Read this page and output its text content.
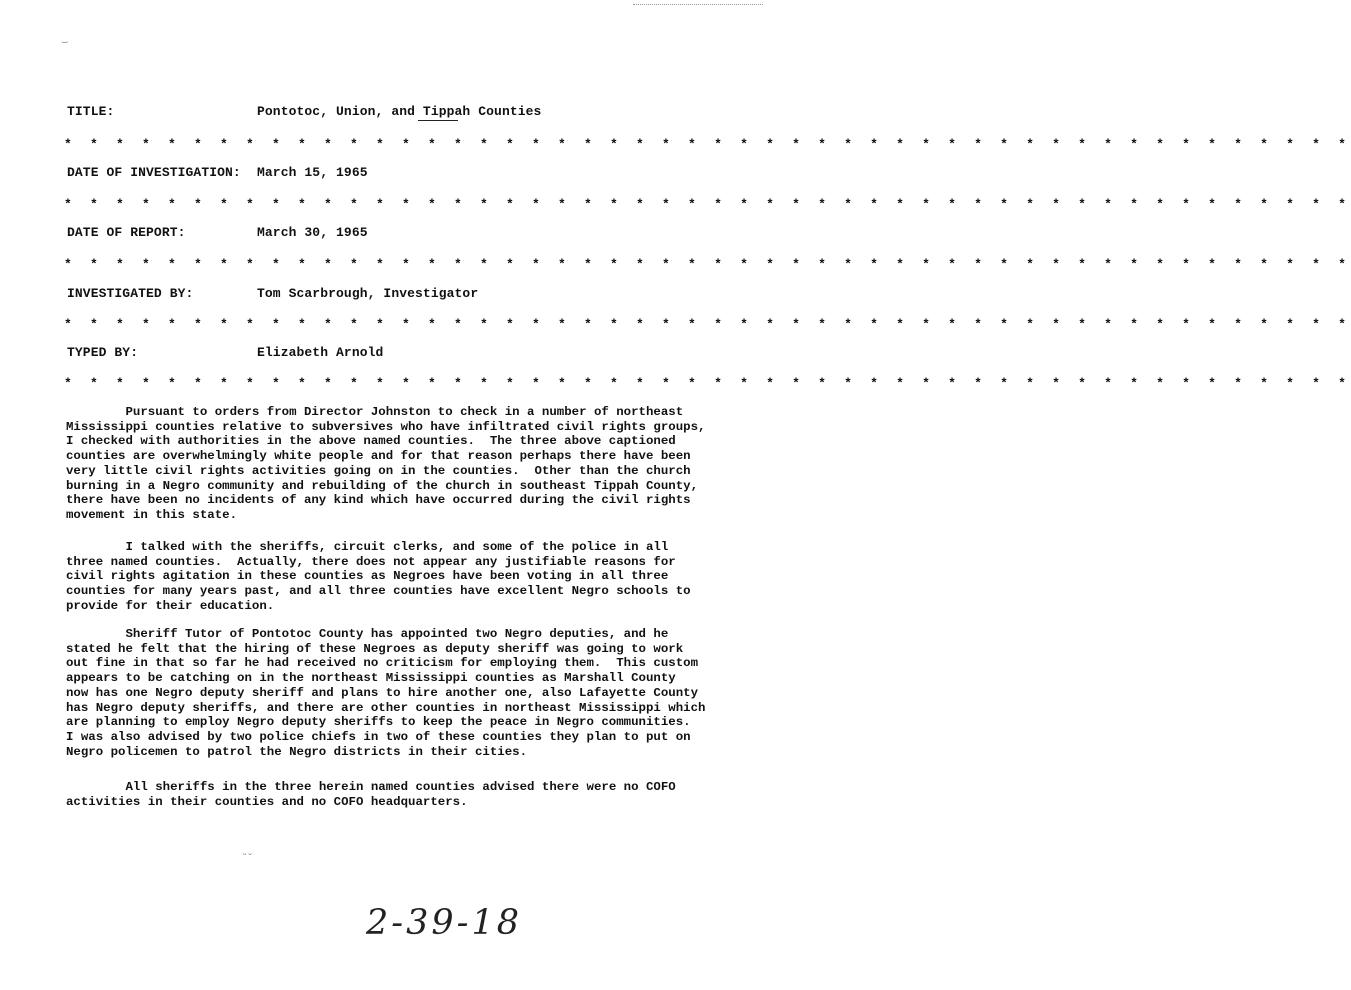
‿
TITLE:	Pontotoc, Union, and Tippah Counties
* * * * * * * * * * * * * * * * * * * * * * * * * * * * * * * * * * * * * * * * * * * * * * * * * *
DATE OF INVESTIGATION: March 15, 1965
* * * * * * * * * * * * * * * * * * * * * * * * * * * * * * * * * * * * * * * * * * * * * * * * * *
DATE OF REPORT:	March 30, 1965
* * * * * * * * * * * * * * * * * * * * * * * * * * * * * * * * * * * * * * * * * * * * * * * * * *
INVESTIGATED BY:	Tom Scarbrough, Investigator
* * * * * * * * * * * * * * * * * * * * * * * * * * * * * * * * * * * * * * * * * * * * * * * * * *
TYPED BY:	Elizabeth Arnold
* * * * * * * * * * * * * * * * * * * * * * * * * * * * * * * * * * * * * * * * * * * * * * * * * *
Pursuant to orders from Director Johnston to check in a number of northeast
Mississippi counties relative to subversives who have infiltrated civil rights groups,
I checked with authorities in the above named counties.  The three above captioned
counties are overwhelmingly white people and for that reason perhaps there have been
very little civil rights activities going on in the counties.  Other than the church
burning in a Negro community and rebuilding of the church in southeast Tippah County,
there have been no incidents of any kind which have occurred during the civil rights
movement in this state.
I talked with the sheriffs, circuit clerks, and some of the police in all
three named counties.  Actually, there does not appear any justifiable reasons for
civil rights agitation in these counties as Negroes have been voting in all three
counties for many years past, and all three counties have excellent Negro schools to
provide for their education.
Sheriff Tutor of Pontotoc County has appointed two Negro deputies, and he
stated he felt that the hiring of these Negroes as deputy sheriff was going to work
out fine in that so far he had received no criticism for employing them.  This custom
appears to be catching on in the northeast Mississippi counties as Marshall County
now has one Negro deputy sheriff and plans to hire another one, also Lafayette County
has Negro deputy sheriffs, and there are other counties in northeast Mississippi which
are planning to employ Negro deputy sheriffs to keep the peace in Negro communities.
I was also advised by two police chiefs in two of these counties they plan to put on
Negro policemen to patrol the Negro districts in their cities.
All sheriffs in the three herein named counties advised there were no COFO
activities in their counties and no COFO headquarters.
ᵕᵕ
2-39-18
